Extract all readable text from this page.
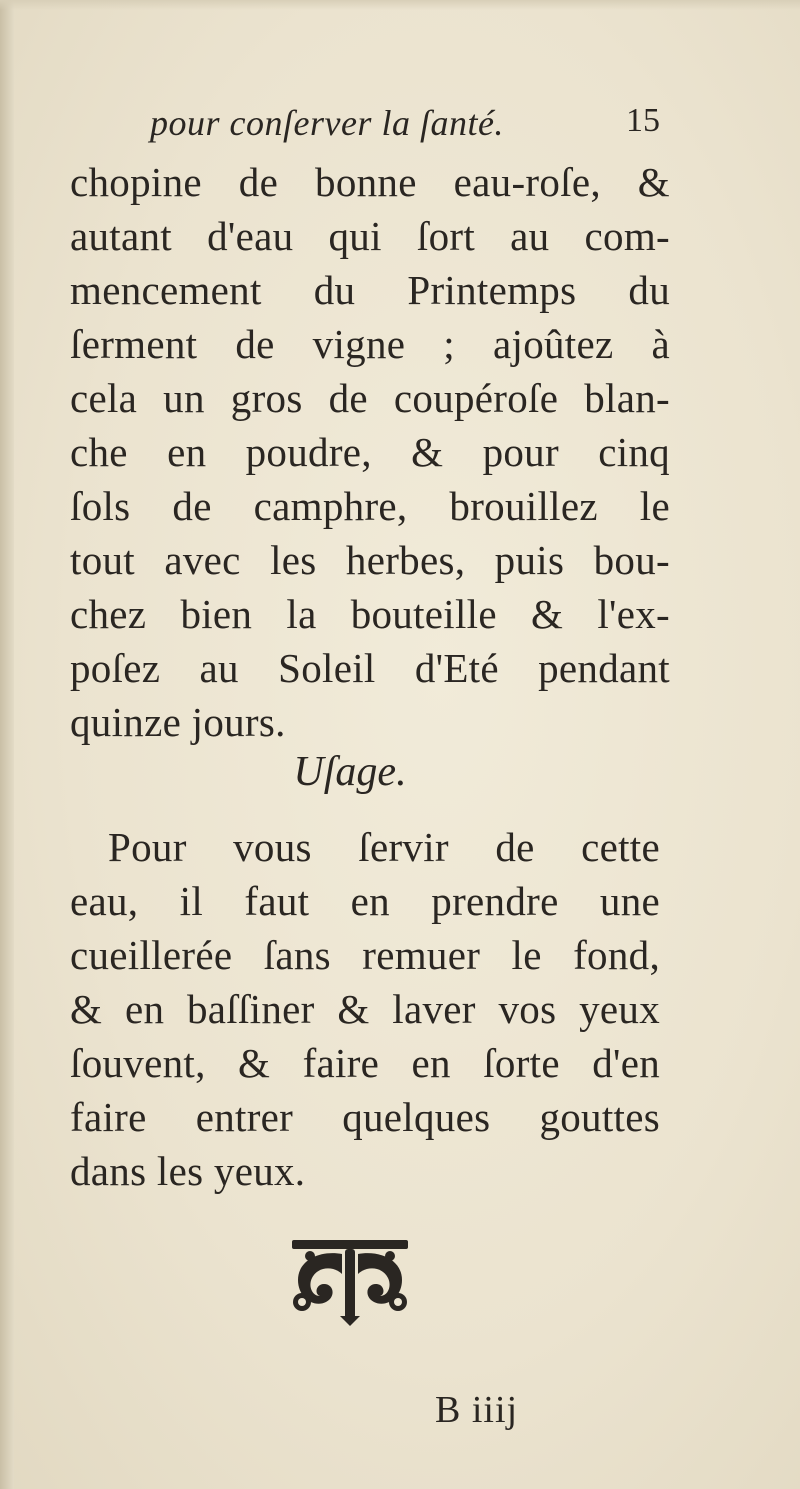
pour conſerver la ſanté.	15
chopine de bonne eau-roſe, &
autant d'eau qui ſort au com-
mencement du Printemps du
ſerment de vigne ; ajoûtez à
cela un gros de coupéroſe blan-
che en poudre, & pour cinq
ſols de camphre, brouillez le
tout avec les herbes, puis bou-
chez bien la bouteille & l'ex-
poſez au Soleil d'Eté pendant
quinze jours.
Uſage.
Pour vous ſervir de cette
eau, il faut en prendre une
cueillerée ſans remuer le fond,
& en baſſiner & laver vos yeux
ſouvent, & faire en ſorte d'en
faire entrer quelques gouttes
dans les yeux.
B iiij
